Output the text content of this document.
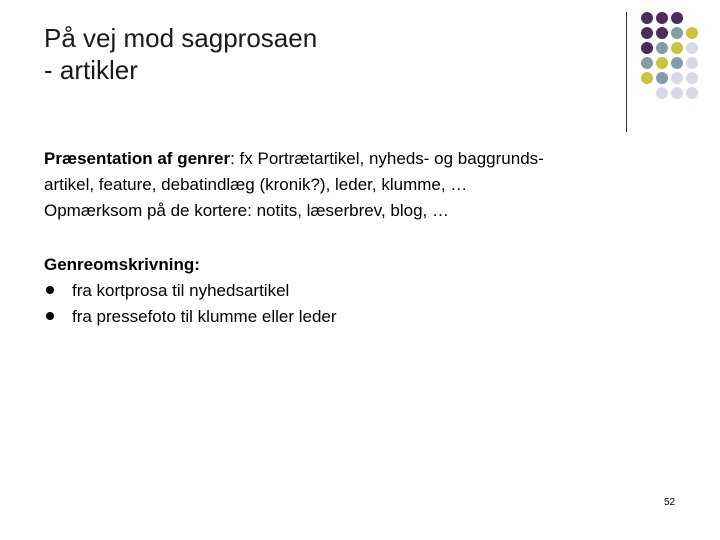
På vej mod sagprosaen
- artikler

Præsentation af genrer: fx Portrætartikel, nyheds- og baggrunds-

artikel, feature, debatindlæg (kronik?), leder, klumme, …

Opmærksom på de kortere: notits, læserbrev, blog, …

Genreomskrivning:

fra kortprosa til nyhedsartikel
fra pressefoto til klumme eller leder
52
